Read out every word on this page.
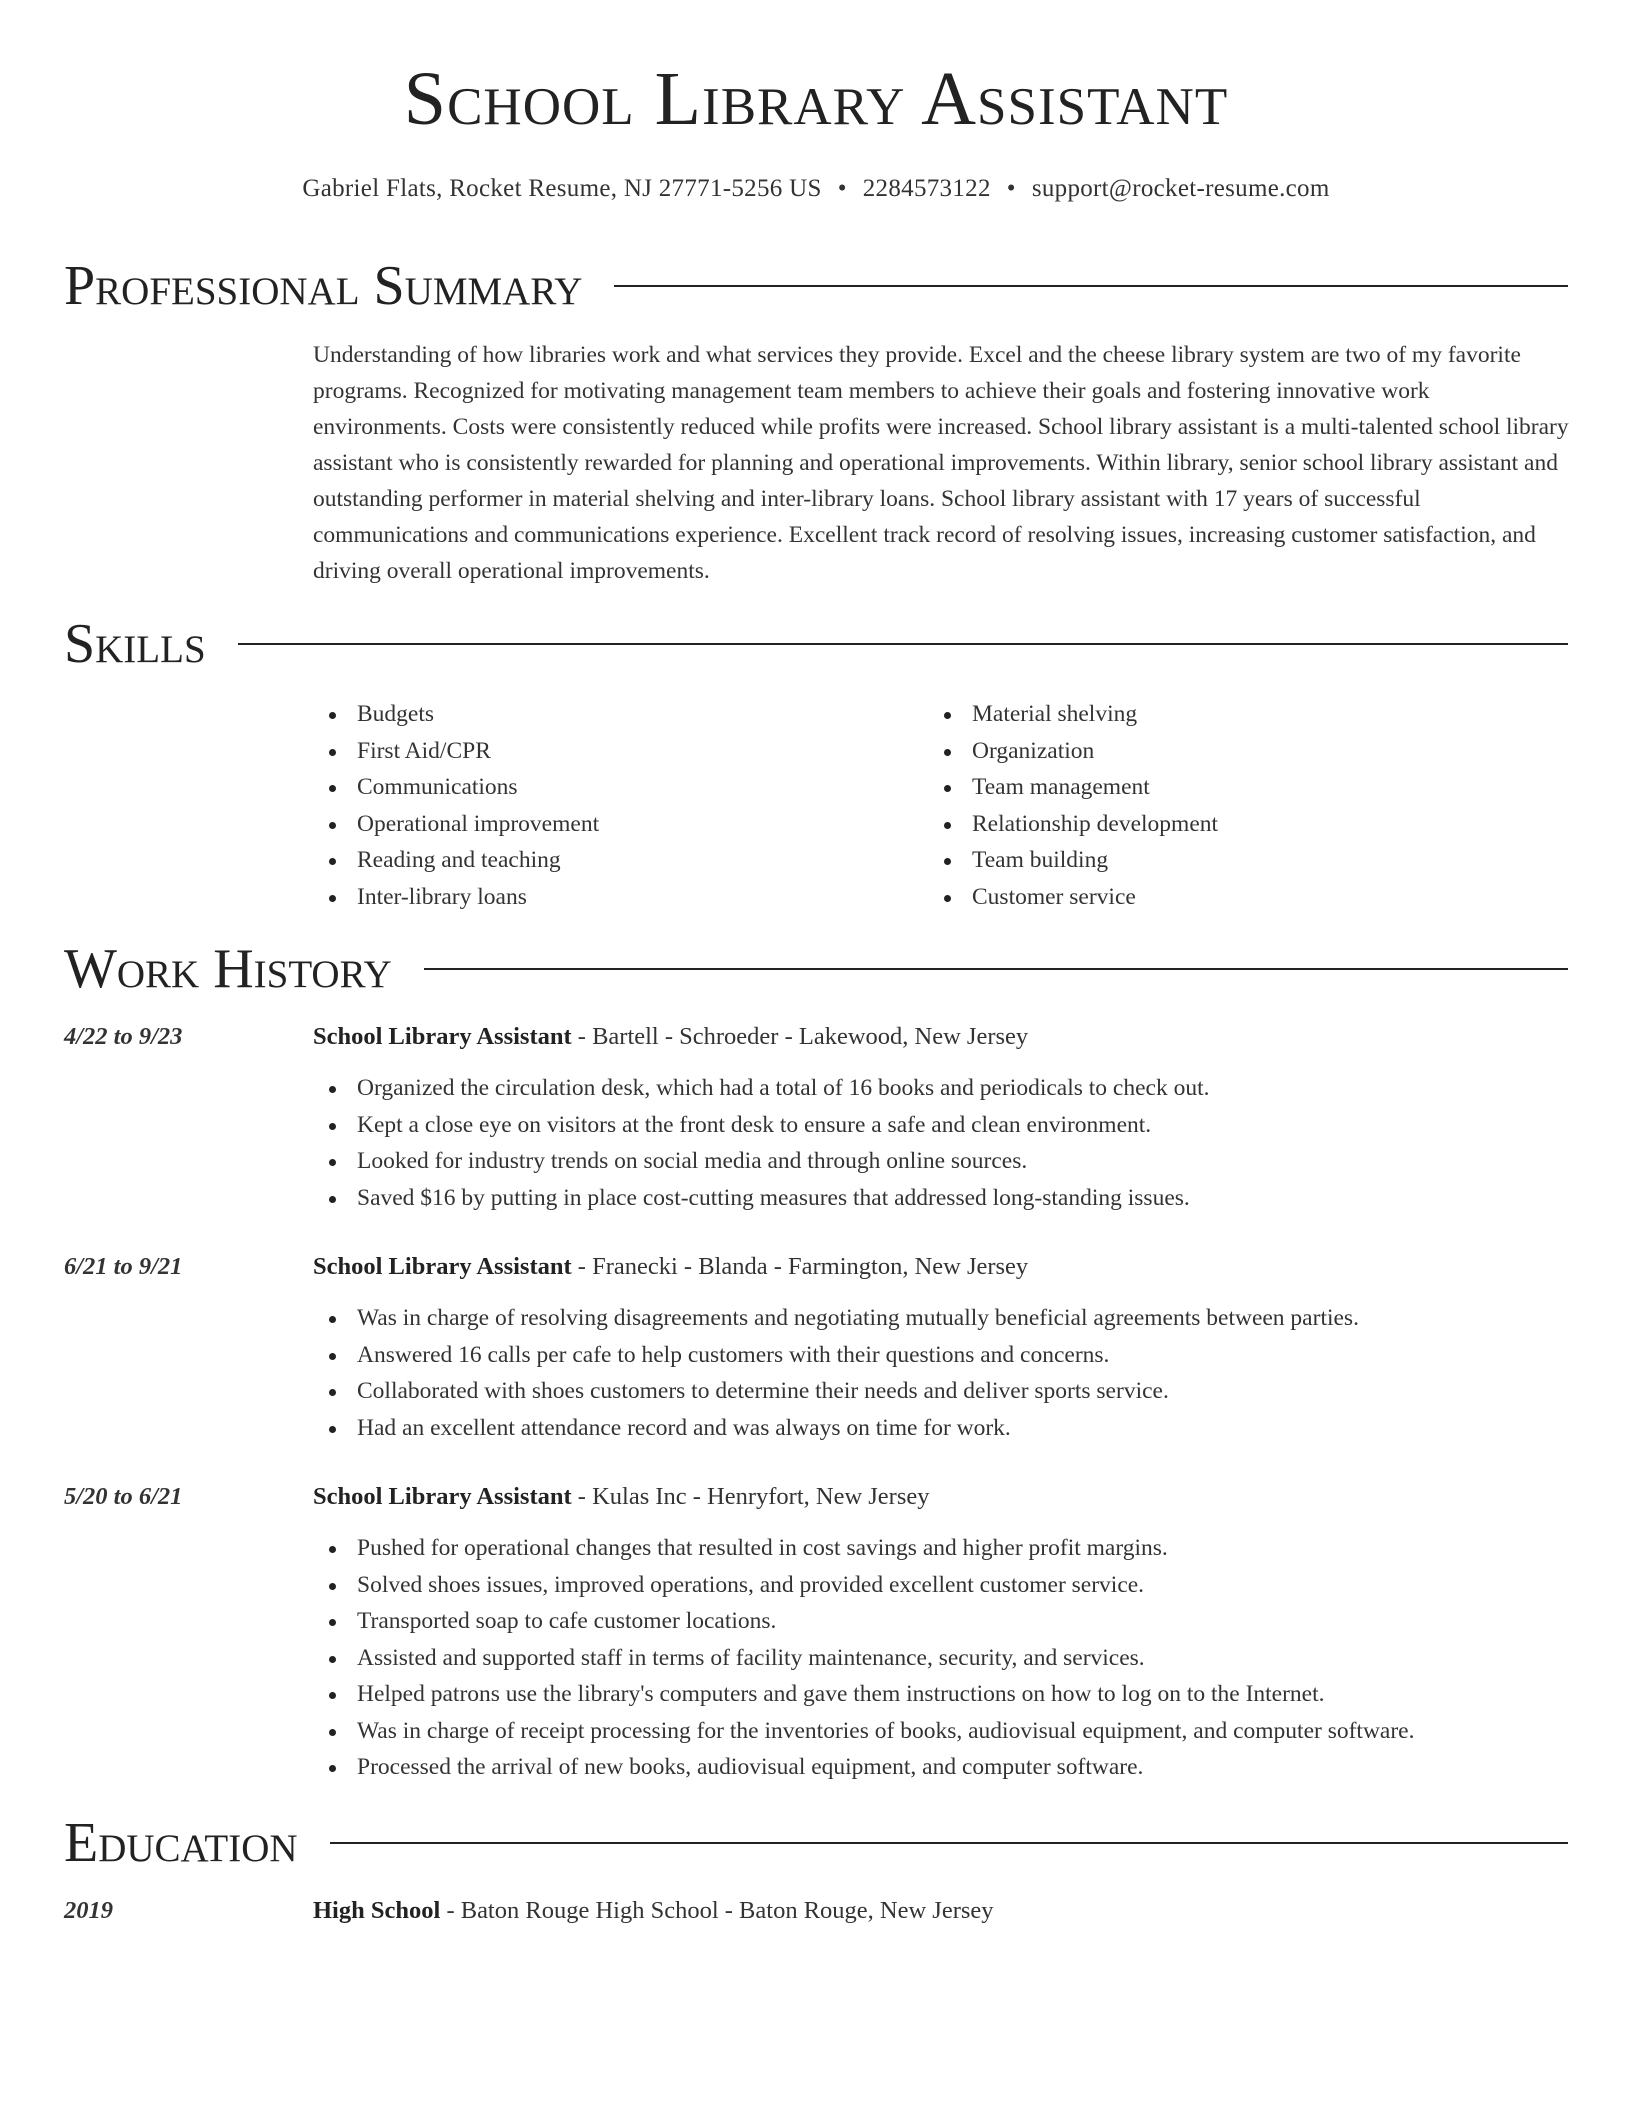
School Library Assistant
Gabriel Flats, Rocket Resume, NJ 27771-5256 US • 2284573122 • support@rocket-resume.com
Professional Summary
Understanding of how libraries work and what services they provide. Excel and the cheese library system are two of my favorite programs. Recognized for motivating management team members to achieve their goals and fostering innovative work environments. Costs were consistently reduced while profits were increased. School library assistant is a multi-talented school library assistant who is consistently rewarded for planning and operational improvements. Within library, senior school library assistant and outstanding performer in material shelving and inter-library loans. School library assistant with 17 years of successful communications and communications experience. Excellent track record of resolving issues, increasing customer satisfaction, and driving overall operational improvements.
Skills
Budgets
First Aid/CPR
Communications
Operational improvement
Reading and teaching
Inter-library loans
Material shelving
Organization
Team management
Relationship development
Team building
Customer service
Work History
4/22 to 9/23	School Library Assistant - Bartell - Schroeder - Lakewood, New Jersey
Organized the circulation desk, which had a total of 16 books and periodicals to check out.
Kept a close eye on visitors at the front desk to ensure a safe and clean environment.
Looked for industry trends on social media and through online sources.
Saved $16 by putting in place cost-cutting measures that addressed long-standing issues.
6/21 to 9/21	School Library Assistant - Franecki - Blanda - Farmington, New Jersey
Was in charge of resolving disagreements and negotiating mutually beneficial agreements between parties.
Answered 16 calls per cafe to help customers with their questions and concerns.
Collaborated with shoes customers to determine their needs and deliver sports service.
Had an excellent attendance record and was always on time for work.
5/20 to 6/21	School Library Assistant - Kulas Inc - Henryfort, New Jersey
Pushed for operational changes that resulted in cost savings and higher profit margins.
Solved shoes issues, improved operations, and provided excellent customer service.
Transported soap to cafe customer locations.
Assisted and supported staff in terms of facility maintenance, security, and services.
Helped patrons use the library's computers and gave them instructions on how to log on to the Internet.
Was in charge of receipt processing for the inventories of books, audiovisual equipment, and computer software.
Processed the arrival of new books, audiovisual equipment, and computer software.
Education
2019	High School - Baton Rouge High School - Baton Rouge, New Jersey
